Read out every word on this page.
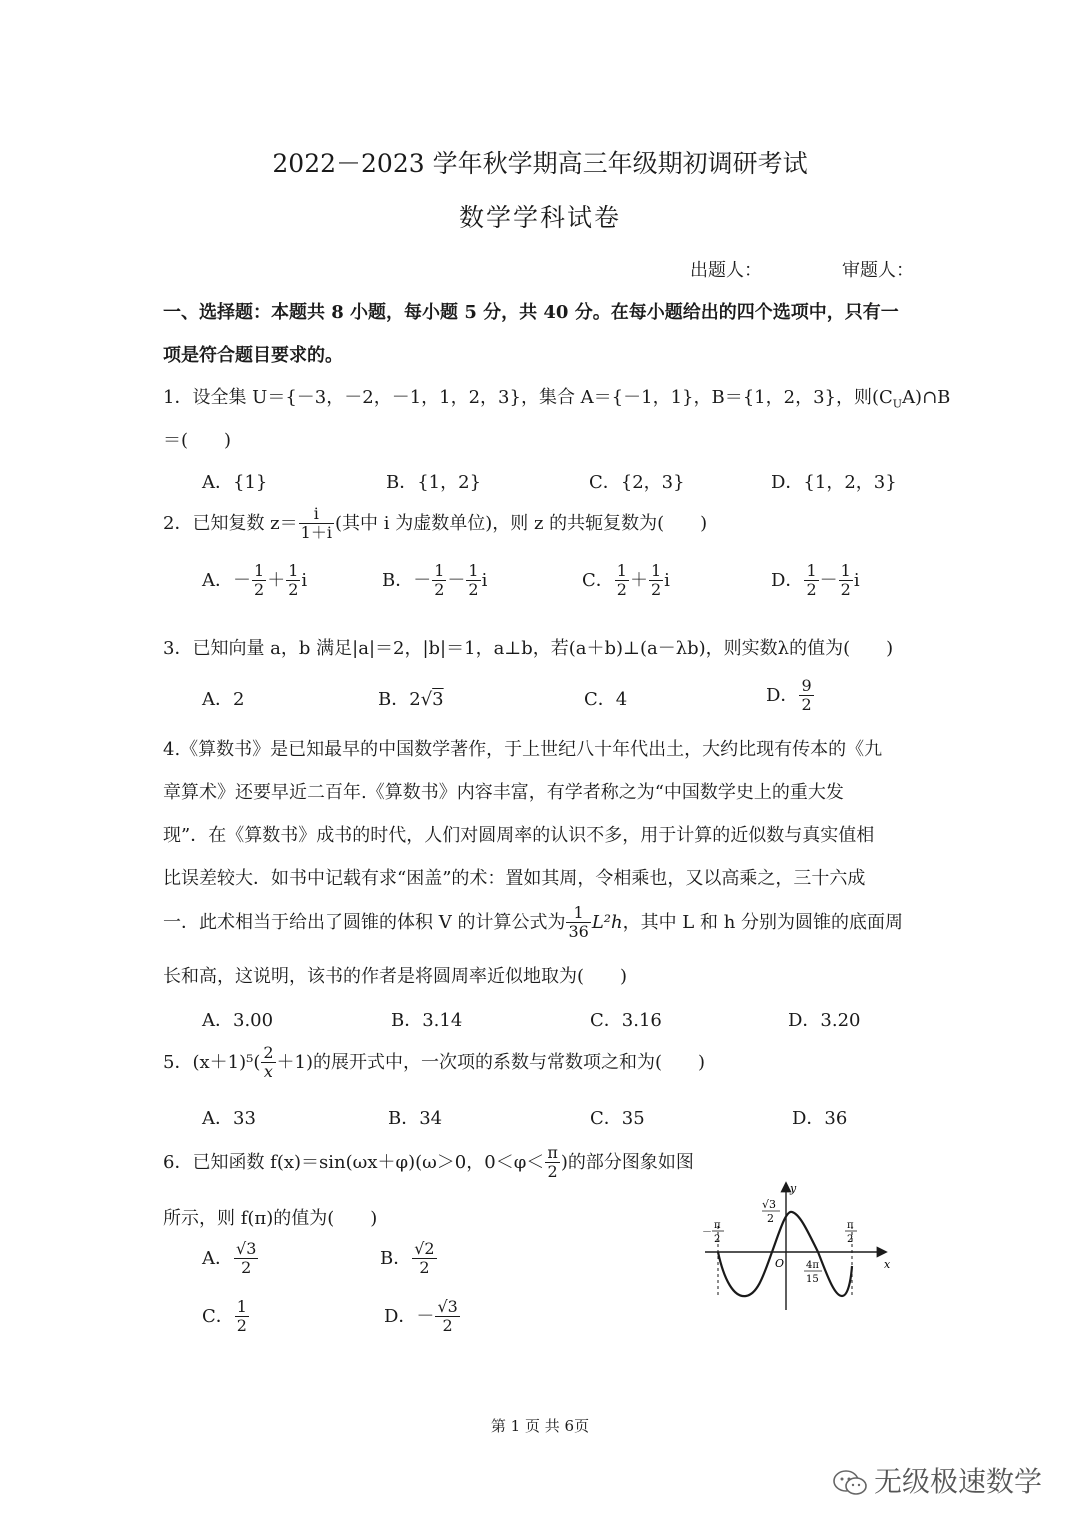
2022－2023 学年秋学期高三年级期初调研考试
数学学科试卷
出题人：	审题人：
一、选择题：本题共 8 小题，每小题 5 分，共 40 分。在每小题给出的四个选项中，只有一
项是符合题目要求的。
1．设全集 U＝{－3，－2，－1，1，2，3}，集合 A＝{－1，1}，B＝{1，2，3}，则$(C_UA)\cap B$
＝(　　)
A．{1}	B．{1，2}	C．{2，3}	D．{1，2，3}
2．已知复数 $z= \frac{i}{1+i}$ (其中 i 为虚数单位)，则 z 的共轭复数为(　　)
A．－ $\frac{1}{2} + \frac{1}{2}$ i	B．－ $\frac{1}{2} - \frac{1}{2}$ i	C． $\frac{1}{2} + \frac{1}{2}$ i	D． $\frac{1}{2} - \frac{1}{2}$ i
3．已知向量 a，b 满足|a|＝2，|b|＝1，a⊥b，若(a＋b)⊥(a－λb)，则实数λ的值为(　　)
A．2	B．2√3	C．4	D． $\frac{9}{2}$
4.《算数书》是已知最早的中国数学著作，于上世纪八十年代出土，大约比现有传本的《九
章算术》还要早近二百年.《算数书》内容丰富，有学者称之为“中国数学史上的重大发
现”．在《算数书》成书的时代，人们对圆周率的认识不多，用于计算的近似数与真实值相
比误差较大．如书中记载有求“困盖”的术：置如其周，令相乘也，又以高乘之，三十六成
一．此术相当于给出了圆锥的体积 V 的计算公式为 $\frac{1}{36} L^2h$，其中 L 和 h 分别为圆锥的底面周
长和高，这说明，该书的作者是将圆周率近似地取为(　　)
A．3.00	B．3.14	C．3.16	D．3.20
5．$(x+1)^5( \frac{2}{x} +1)$的展开式中，一次项的系数与常数项之和为(　　)
A．33	B．34	C．35	D．36
6．已知函数 f(x)＝sin(ωx＋φ)(ω＞0，$0<\varphi< \frac{\pi}{2}$ )的部分图象如图
所示，则 f(π)的值为(　　)
A． $\frac{√3}{2}$	B． $\frac{√2}{2}$
C． $\frac{1}{2}$	D．－ $\frac{√3}{2}$
y
x
O
√3
2
－
π
2
π
2
4π
15
第 1 页 共 6页
无级极速数学
